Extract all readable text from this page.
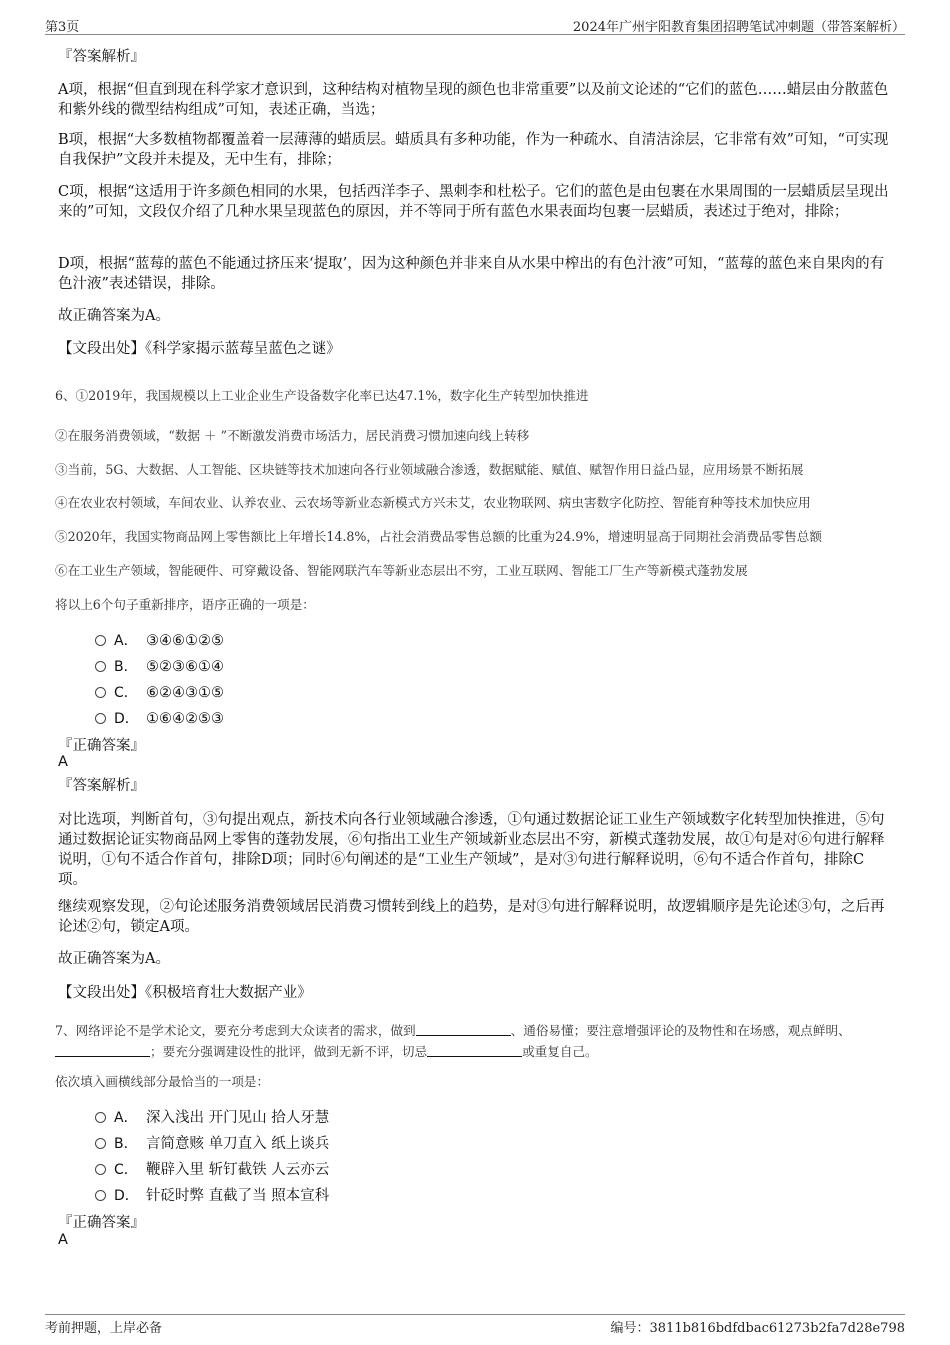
第3页	2024年广州宇阳教育集团招聘笔试冲刺题（带答案解析）
『答案解析』
A项，根据“但直到现在科学家才意识到，这种结构对植物呈现的颜色也非常重要”以及前文论述的“它们的蓝色……蜡层由分散蓝色和紫外线的微型结构组成”可知，表述正确，当选；
B项，根据“大多数植物都覆盖着一层薄薄的蜡质层。蜡质具有多种功能，作为一种疏水、自清洁涂层，它非常有效”可知，“可实现自我保护”文段并未提及，无中生有，排除；
C项，根据“这适用于许多颜色相同的水果，包括西洋李子、黑刺李和杜松子。它们的蓝色是由包裹在水果周围的一层蜡质层呈现出来的”可知，文段仅介绍了几种水果呈现蓝色的原因，并不等同于所有蓝色水果表面均包裹一层蜡质，表述过于绝对，排除；
D项，根据“蓝莓的蓝色不能通过挤压来‘提取’，因为这种颜色并非来自从水果中榨出的有色汁液”可知，“蓝莓的蓝色来自果肉的有色汁液”表述错误，排除。
故正确答案为A。
【文段出处】《科学家揭示蓝莓呈蓝色之谜》
6、①2019年，我国规模以上工业企业生产设备数字化率已达47.1%，数字化生产转型加快推进
②在服务消费领域，“数据 ＋ ”不断激发消费市场活力，居民消费习惯加速向线上转移
③当前，5G、大数据、人工智能、区块链等技术加速向各行业领域融合渗透，数据赋能、赋值、赋智作用日益凸显，应用场景不断拓展
④在农业农村领域，车间农业、认养农业、云农场等新业态新模式方兴未艾，农业物联网、病虫害数字化防控、智能育种等技术加快应用
⑤2020年，我国实物商品网上零售额比上年增长14.8%，占社会消费品零售总额的比重为24.9%，增速明显高于同期社会消费品零售总额
⑥在工业生产领域，智能硬件、可穿戴设备、智能网联汽车等新业态层出不穷，工业互联网、智能工厂生产等新模式蓬勃发展
将以上6个句子重新排序，语序正确的一项是：
A． ③④⑥①②⑤
B． ⑤②③⑥①④
C． ⑥②④③①⑤
D． ①⑥④②⑤③
『正确答案』
A
『答案解析』
对比选项，判断首句，③句提出观点，新技术向各行业领域融合渗透，①句通过数据论证工业生产领域数字化转型加快推进，⑤句通过数据论证实物商品网上零售的蓬勃发展，⑥句指出工业生产领域新业态层出不穷，新模式蓬勃发展，故①句是对⑥句进行解释说明，①句不适合作首句，排除D项；同时⑥句阐述的是“工业生产领域”，是对③句进行解释说明，⑥句不适合作首句，排除C项。
继续观察发现，②句论述服务消费领域居民消费习惯转到线上的趋势，是对③句进行解释说明，故逻辑顺序是先论述③句，之后再论述②句，锁定A项。
故正确答案为A。
【文段出处】《积极培育壮大数据产业》
7、网络评论不是学术论文，要充分考虑到大众读者的需求，做到	、通俗易懂；要注意增强评论的及物性和在场感，观点鲜明、；要充分强调建设性的批评，做到无新不评，切忌	或重复自己。
依次填入画横线部分最恰当的一项是：
A． 深入浅出 开门见山 拾人牙慧
B． 言简意赅 单刀直入 纸上谈兵
C． 鞭辟入里 斩钉截铁 人云亦云
D． 针砭时弊 直截了当 照本宣科
『正确答案』
A
考前押题，上岸必备	编号：3811b816bdfdbac61273b2fa7d28e798
